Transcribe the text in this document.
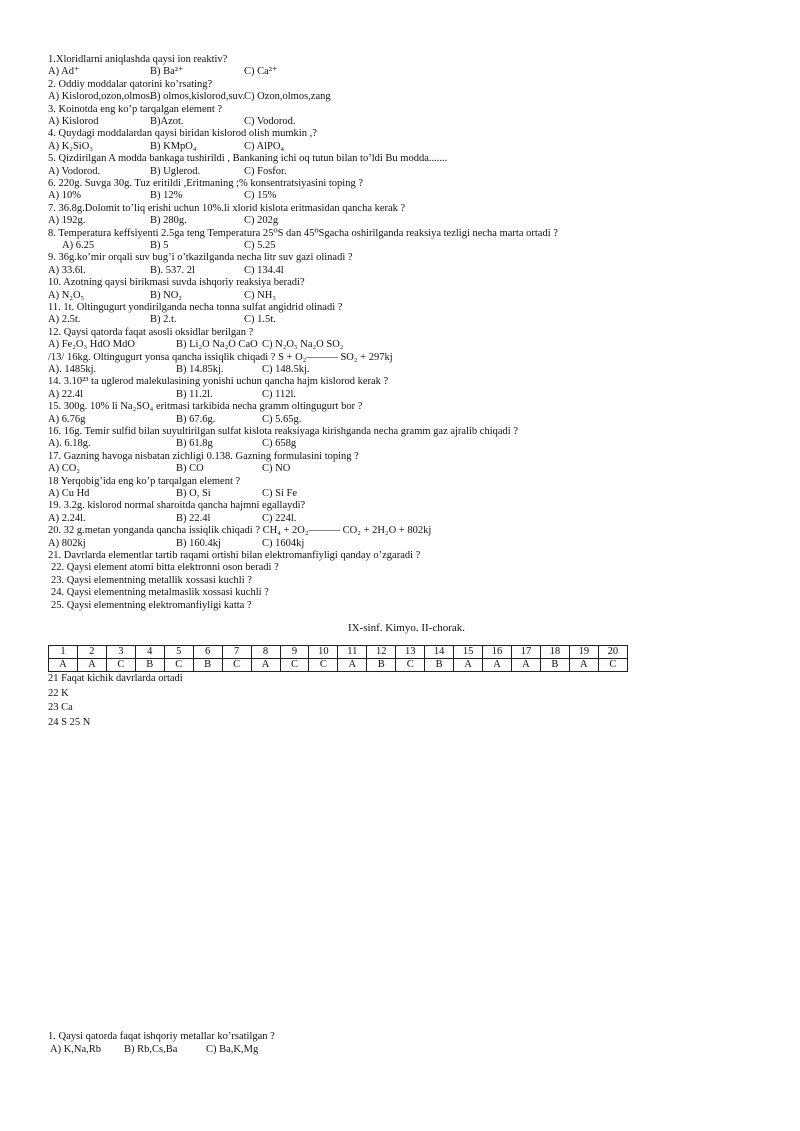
1.Xloridlarni aniqlashda qaysi ion reaktiv?
A) Ad⁺	B) Ba²⁺	C) Ca²⁺
2. Oddiy moddalar qatorini ko’rsating?
A) Kislorod,ozon,olmos.
B) olmos,kislorod,suv. C) Ozon,olmos,zang
3. Koinotda eng ko’p tarqalgan element ?
A) Kislorod	B)Azot.	C) Vodorod.
4. Quydagi moddalardan qaysi biridan kislorod olish mumkin ,?
A) K₂SiO₃	B) KMpO₄	C) AlPO₄
5. Qizdirilgan A modda bankaga tushirildi , Bankaning ichi oq tutun bilan to’ldi Bu modda.......
A) Vodorod.	B) Uglerod.	C) Fosfor.
6. 220g. Suvga 30g. Tuz eritildi ,Eritmaning ;% konsentratsiyasini toping ?
A) 10%	B) 12%	C) 15%
7. 36.8g.Dolomit to’liq erishi uchun 10%.li xlorid kislota eritmasidan qancha kerak ?
A) 192g.	B) 280g.	C) 202g
8. Temperatura keffsiyenti 2.5ga teng Temperatura 25⁰S dan 45⁰Sgacha oshirilganda reaksiya tezligi necha marta ortadi ?
A) 6.25	B) 5	C) 5.25
9. 36g.ko’mir orqali suv bug’i o’tkazilganda necha litr suv gazi olinadi ?
A) 33.6l.	B). 537. 2l	C) 134.4l
10. Azotning qaysi birikmasi suvda ishqoriy reaksiya beradi?
A) N₂O₅	B) NO₂	C) NH₃
11. 1t. Oltingugurt yondirilganda necha tonna sulfat angidrid olinadi ?
A) 2.5t.	B) 2.t.	C) 1.5t.
12. Qaysi qatorda faqat asosli oksidlar berilgan ?
A) Fe₂O₃ HdO MdO	B) Li₂O Na₂O CaO C) N₂O₅ Na₂O SO₂
/13/ 16kg. Oltingugurt yonsa qancha issiqlik chiqadi ? S + O₂——— SO₂ + 297kj
A). 1485kj.	B) 14.85kj.	C) 148.5kj.
14. 3.10²³ ta uglerod malekulasining yonishi uchun qancha hajm kislorod kerak ?
A) 22.4l	B) 11.2l.	C) 112l.
15. 300g. 10% li Na₂SO₄ eritmasi tarkibida necha gramm oltingugurt bor ?
A) 6.76g	B) 67.6g.	C) 5.65g.
16. 16g. Temir sulfid bilan suyultirilgan sulfat kislota reaksiyaga kirishganda necha gramm gaz ajralib chiqadi ?
A). 6.18g.	B) 61.8g	C) 658g
17. Gazning havoga nisbatan zichligi 0.138. Gazning formulasini toping ?
A) CO₂	B) CO	C) NO
18 Yerqobig’ida eng ko’p tarqalgan element ?
A) Cu Hd	B) O, Si	C) Si Fe
19. 3.2g. kislorod normal sharoitda qancha hajmni egallaydi?
A) 2.24l.	B) 22.4l	C) 224l.
20. 32 g.metan yonganda qancha issiqlik chiqadi ? CH₄ + 2O₂——— CO₂ + 2H₂O + 802kj
A) 802kj	B) 160.4kj	C) 1604kj
21. Davrlarda elementlar tartib raqami ortishi bilan elektromanfiyligi qanday o’zgaradi ?
22. Qaysi element atomi bitta elektronni oson beradi ?
23. Qaysi elementning metallik xossasi kuchli ?
24. Qaysi elementning metalmaslik xossasi kuchli ?
25. Qaysi elementning elektromanfiyligi katta ?
21 Faqat kichik davrlarda ortadi
22 K
23 Ca
24 S 25 N
1. Qaysi qatorda faqat ishqoriy metallar ko’rsatilgan ?
A) K,Na,Rb B) Rb,Cs,Ba	C) Ba,K,Mg
IX-sinf. Kimyo. II-chorak.
1	2	3	4	5	6	7	8	9	10	11	12	13	14	15	16	17	18	19	20
A	A	C	B	C	B	C	A	C	C	A	B	C	B	A	A	A	B	A	C
